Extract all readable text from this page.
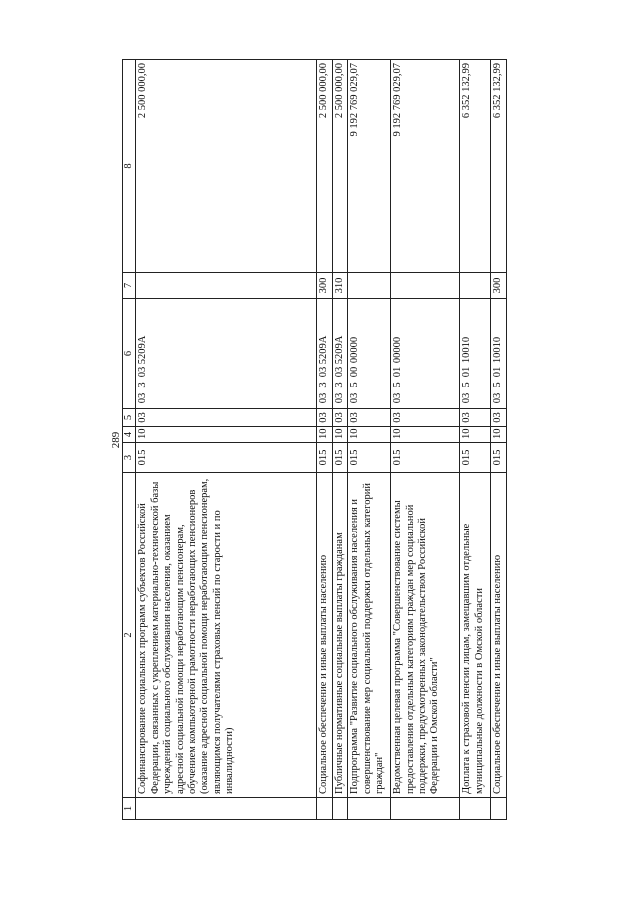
289
1	2	3	4	5	6	7	8
	Софинансирование социальных программ субъектов Российской Федерации, связанных с укреплением материально-технической базы учреждений социального обслуживания населения, оказанием адресной социальной помощи неработающим пенсионерам, обучением компьютерной грамотности неработающих пенсионеров (оказание адресной социальной помощи неработающим пенсионерам, являющимся получателями страховых пенсий по старости и по инвалидности)	015	10	03	033035209А		2 500 000,00
	Социальное обеспечение и иные выплаты населению	015	10	03	033035209А	300	2 500 000,00
	Публичные нормативные социальные выплаты гражданам	015	10	03	033035209А	310	2 500 000,00
	Подпрограмма "Развитие социального обслуживания населения и совершенствование мер социальной поддержки отдельных категорий граждан"	015	10	03	0350000000		9 192 769 029,07
	Ведомственная целевая программа "Совершенствование системы предоставления отдельным категориям граждан мер социальной поддержки, предусмотренных законодательством Российской Федерации и Омской области"	015	10	03	0350100000		9 192 769 029,07
	Доплата к страховой пенсии лицам, замещавшим отдельные муниципальные должности в Омской области	015	10	03	0350110010		6 352 132,99
	Социальное обеспечение и иные выплаты населению	015	10	03	0350110010	300	6 352 132,99
